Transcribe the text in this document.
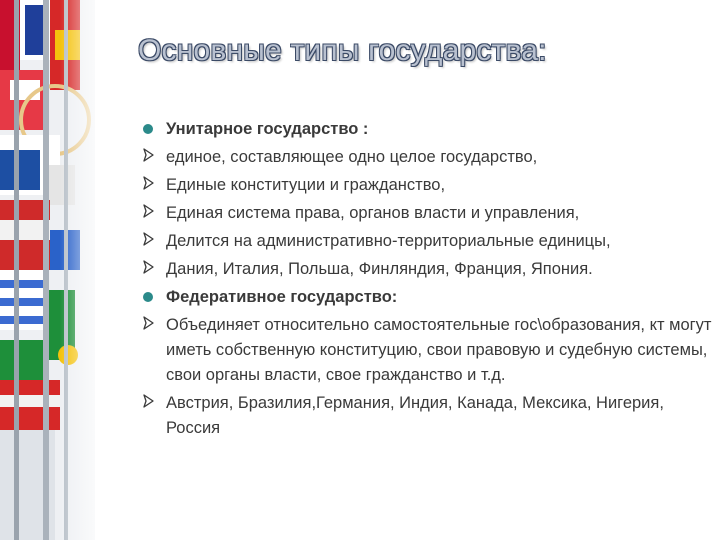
Основные типы государства:
Унитарное государство :
единое, составляющее одно целое государство,
Единые конституции и гражданство,
Единая система права, органов власти и управления,
Делится на административно-территориальные единицы,
Дания, Италия, Польша, Финляндия, Франция, Япония.
Федеративное государство:
Объединяет относительно самостоятельные гос\образования, кт могут иметь собственную конституцию, свои правовую и судебную системы, свои органы власти, свое гражданство и т.д.
Австрия, Бразилия,Германия, Индия, Канада, Мексика, Нигерия, Россия
